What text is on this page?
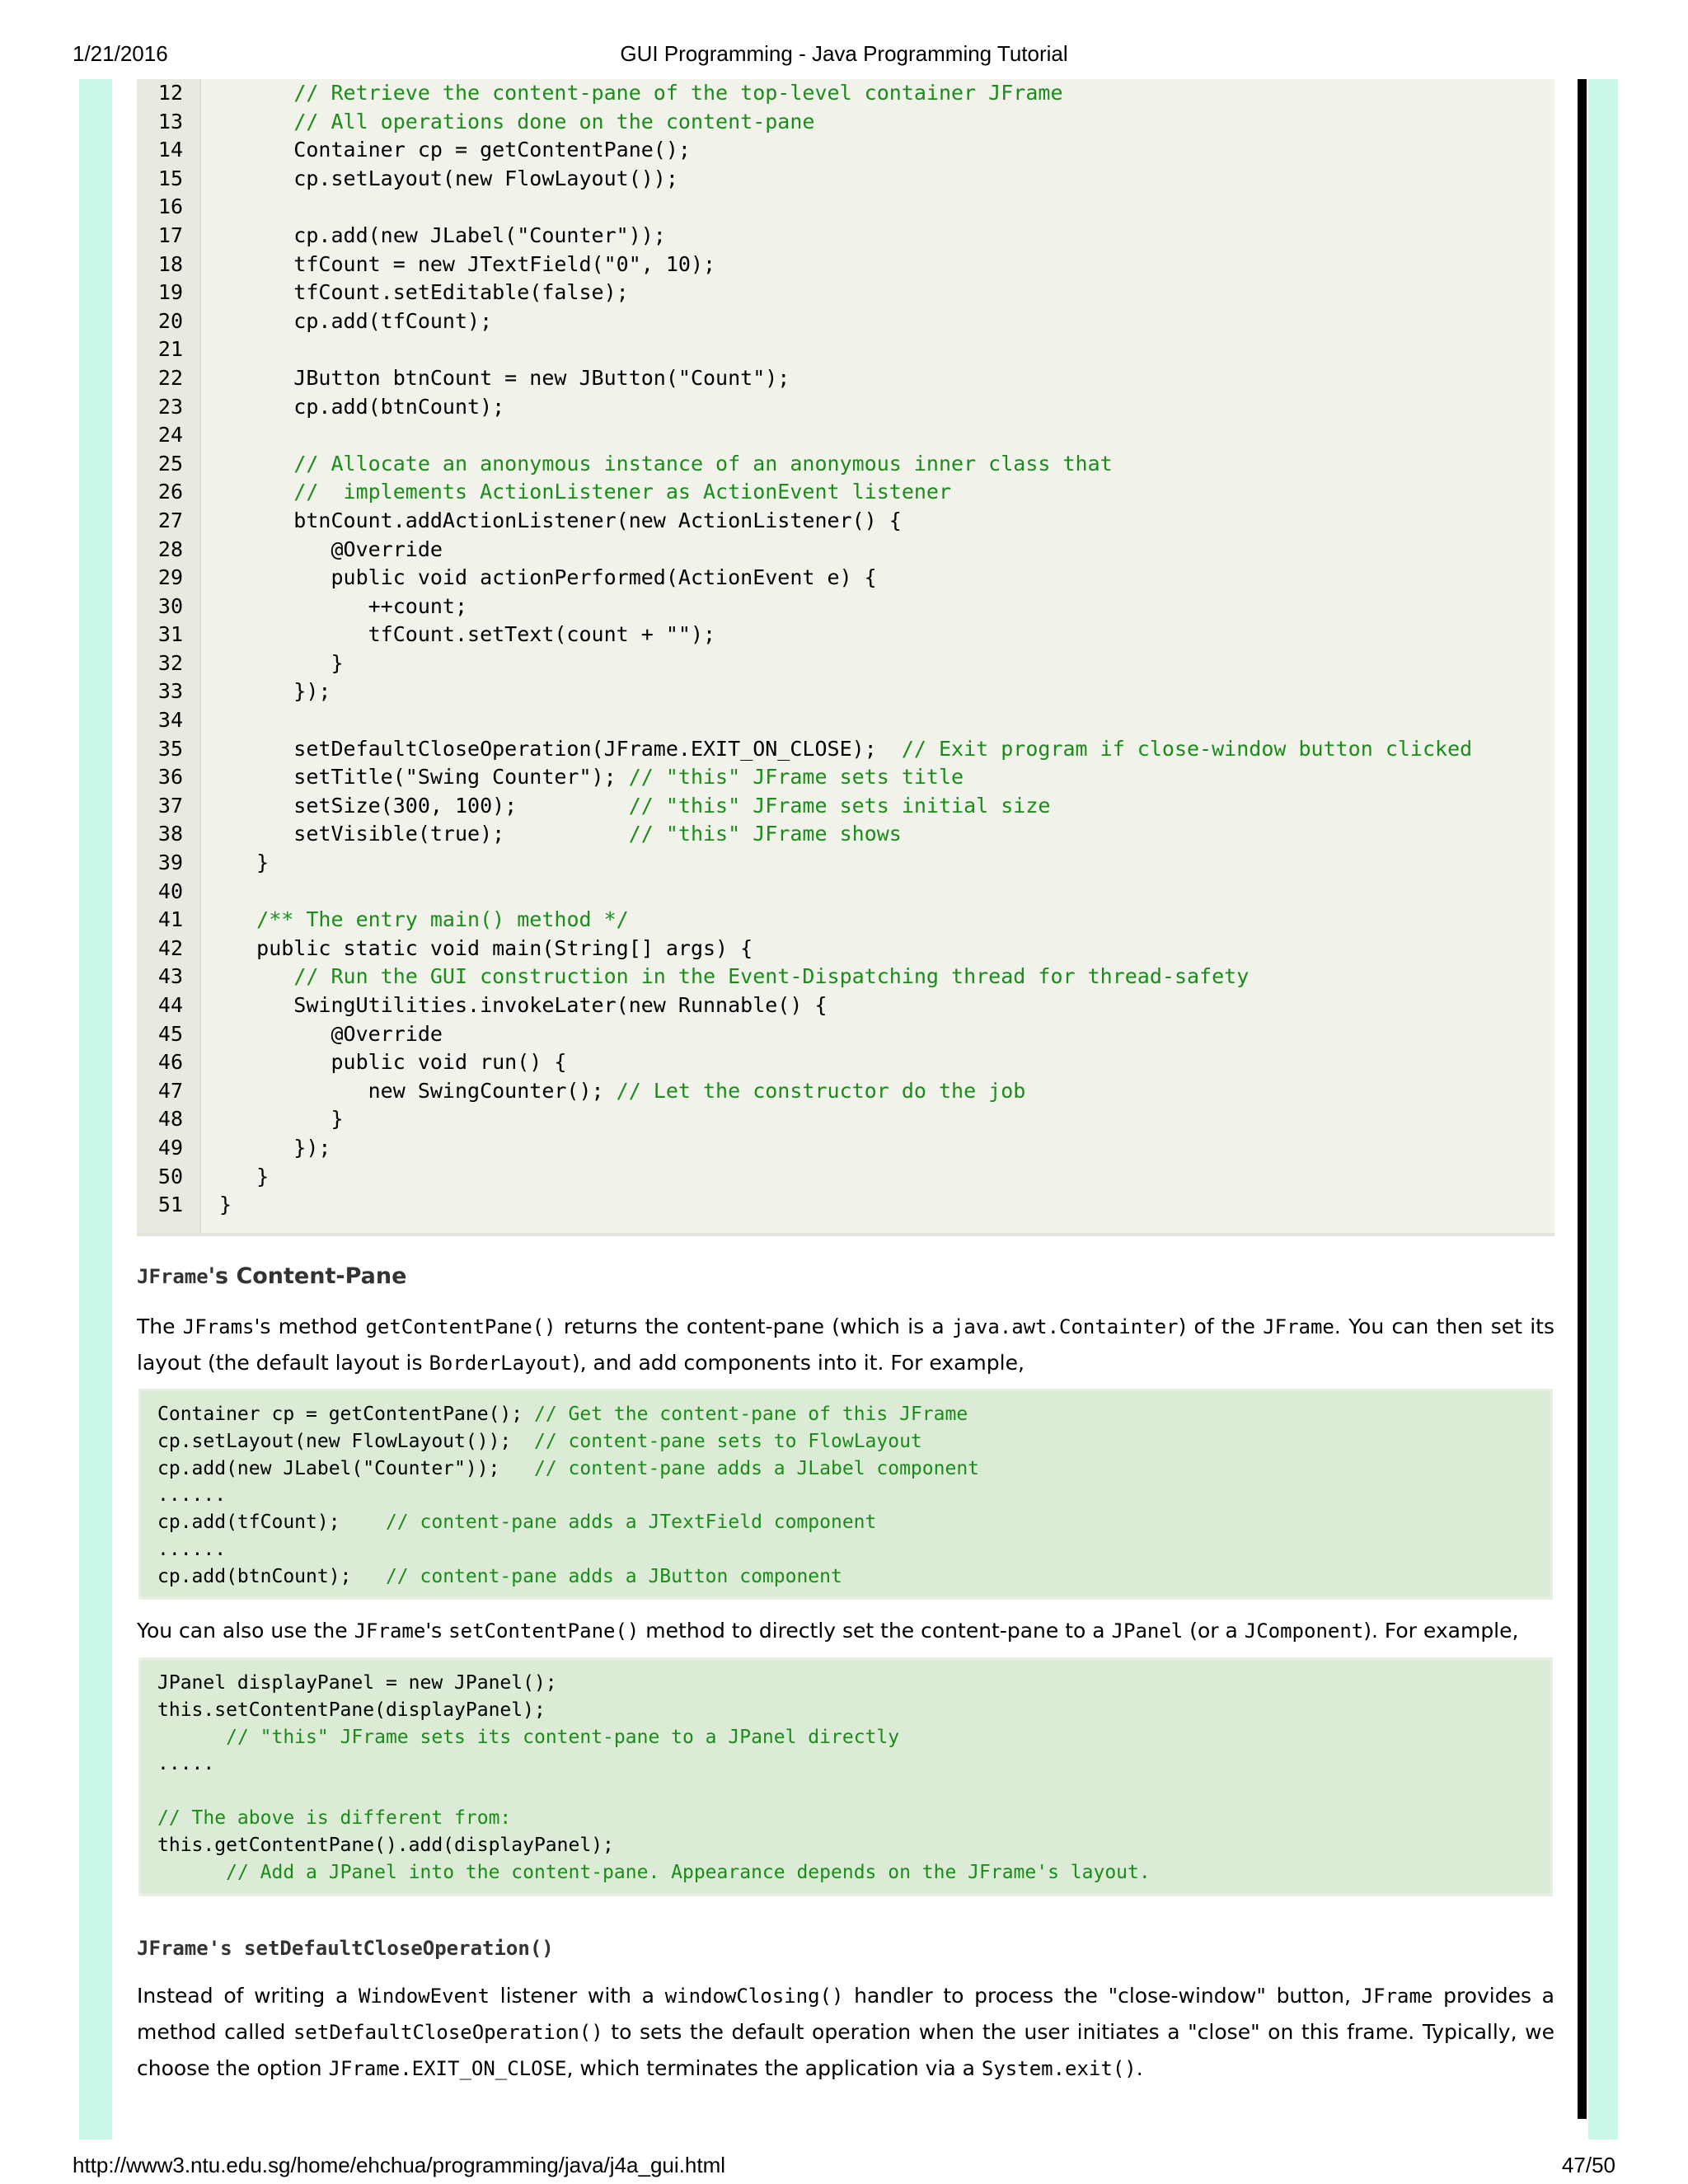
1/21/2016	GUI Programming - Java Programming Tutorial
12	// Retrieve the content-pane of the top-level container JFrame
13	// All operations done on the content-pane
14 Container cp = getContentPane();
15 cp.setLayout(new FlowLayout());
16
17 cp.add(new JLabel("Counter"));
18 tfCount = new JTextField("0", 10);
19 tfCount.setEditable(false);
20 cp.add(tfCount);
21
22 JButton btnCount = new JButton("Count");
23 cp.add(btnCount);
24
25	// Allocate an anonymous instance of an anonymous inner class that
26	//  implements ActionListener as ActionEvent listener
27 btnCount.addActionListener(new ActionListener() {
28 @Override
29 public void actionPerformed(ActionEvent e) {
30 ++count;
31 tfCount.setText(count + "");
32 }
33 });
34
35 setDefaultCloseOperation(JFrame.EXIT_ON_CLOSE);  // Exit program if close-window button clicked
36 setTitle("Swing Counter"); // "this" JFrame sets title
37 setSize(300, 100);         // "this" JFrame sets initial size
38 setVisible(true);          // "this" JFrame shows
39 }
40
41	/** The entry main() method */
42 public static void main(String[] args) {
43	// Run the GUI construction in the Event-Dispatching thread for thread-safety
44 SwingUtilities.invokeLater(new Runnable() {
45 @Override
46 public void run() {
47 new SwingCounter(); // Let the constructor do the job
48 }
49 });
50 }
51 }
JFrame's Content-Pane
The JFrams's method getContentPane() returns the content-pane (which is a java.awt.Containter) of the JFrame. You can then set its layout (the default layout is BorderLayout), and add components into it. For example,
Container cp = getContentPane(); // Get the content-pane of this JFrame
cp.setLayout(new FlowLayout());  // content-pane sets to FlowLayout
cp.add(new JLabel("Counter"));   // content-pane adds a JLabel component
......
cp.add(tfCount);    // content-pane adds a JTextField component
......
cp.add(btnCount);   // content-pane adds a JButton component
You can also use the JFrame's setContentPane() method to directly set the content-pane to a JPanel (or a JComponent). For example,
JPanel displayPanel = new JPanel();
this.setContentPane(displayPanel);
// "this" JFrame sets its content-pane to a JPanel directly
.....
// The above is different from:
this.getContentPane().add(displayPanel);
// Add a JPanel into the content-pane. Appearance depends on the JFrame's layout.
JFrame's setDefaultCloseOperation()
Instead of writing a WindowEvent listener with a windowClosing() handler to process the "close-window" button, JFrame provides a method called setDefaultCloseOperation() to sets the default operation when the user initiates a "close" on this frame. Typically, we choose the option JFrame.EXIT_ON_CLOSE, which terminates the application via a System.exit().
http://www3.ntu.edu.sg/home/ehchua/programming/java/j4a_gui.html	47/50
